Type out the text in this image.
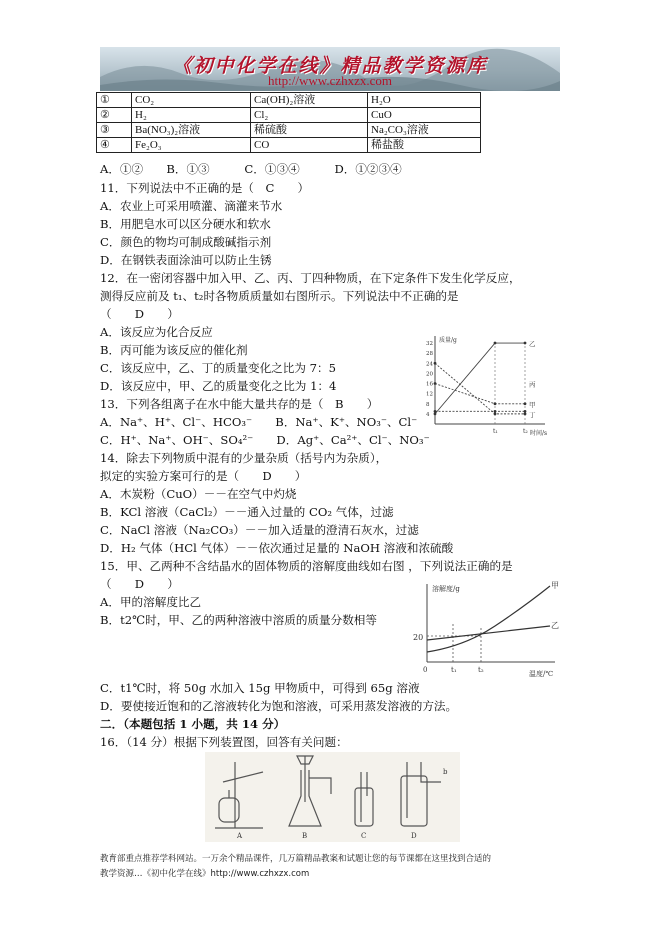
《初中化学在线》精品教学资源库
http://www.czhxzx.com
①	CO₂	Ca(OH)₂溶液	H₂O
②	H₂	Cl₂	CuO
③	Ba(NO₃)₂溶液	稀硫酸	Na₂CO₃溶液
④	Fe₂O₃	CO	稀盐酸
A．①②　　B．①③　　　C．①③④　　　D．①②③④
11．下列说法中不正确的是（　C　　）
A．农业上可采用喷灌、滴灌来节水
B．用肥皂水可以区分硬水和软水
C．颜色的物均可制成酸碱指示剂
D．在钢铁表面涂油可以防止生锈
12．在一密闭容器中加入甲、乙、丙、丁四种物质，在下定条件下发生化学反应，
测得反应前及 t₁、t₂时各物质质量如右图所示。下列说法中不正确的是
（　　D　　）
A．该反应为化合反应
B．丙可能为该反应的催化剂
C．该反应中，乙、丁的质量变化之比为 7：5
D．该反应中，甲、乙的质量变化之比为 1：4
质量/g
时间/s
4
8
12
16
20
24
28
32
t₁	t₂
乙
丙
甲
丁
13．下列各组离子在水中能大量共存的是（　B　　）
A．Na⁺、H⁺、Cl⁻、HCO₃⁻　　B．Na⁺、K⁺、NO₃⁻、Cl⁻
C．H⁺、Na⁺、OH⁻、SO₄²⁻　　D．Ag⁺、Ca²⁺、Cl⁻、NO₃⁻
14．除去下列物质中混有的少量杂质（括号内为杂质），
拟定的实验方案可行的是（　　D　　）
A．木炭粉（CuO）－－在空气中灼烧
B．KCl 溶液（CaCl₂）－－通入过量的 CO₂ 气体，过滤
C．NaCl 溶液（Na₂CO₃）－－加入适量的澄清石灰水，过滤
D．H₂ 气体（HCl 气体）－－依次通过足量的 NaOH 溶液和浓硫酸
15．甲、乙两种不含结晶水的固体物质的溶解度曲线如右图 ，下列说法正确的是
（　　D　　）
A．甲的溶解度比乙
B．t2℃时，甲、乙的两种溶液中溶质的质量分数相等
溶解度/g
温度/℃
20
0	t₁	t₂
甲
乙
C．t1℃时，将 50g 水加入 15g 甲物质中，可得到 65g 溶液
D．要使接近饱和的乙溶液转化为饱和溶液，可采用蒸发溶液的方法。
二．（本题包括 1 小题，共 14 分）
16．（14 分）根据下列装置图，回答有关问题：
A	B	C	D
b
教育部重点推荐学科网站。一万余个精品课件，几万篇精品教案和试题让您的每节课都在这里找到合适的
教学资源…《初中化学在线》http://www.czhxzx.com
